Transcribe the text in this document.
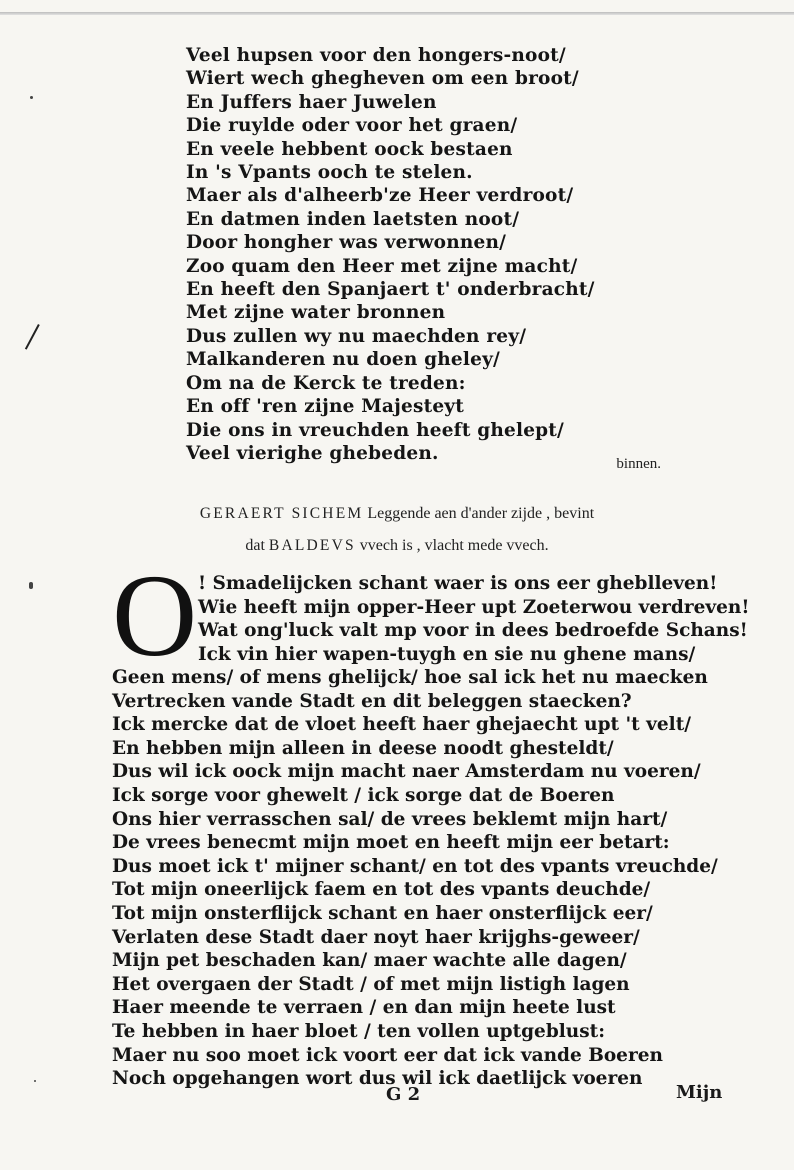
Veel hupsen voor den hongers-noot/
Wiert wech ghegheven om een broot/
En Juffers haer Juwelen
Die ruylde oder voor het graen/
En veele hebbent oock bestaen
In 's Vpants ooch te stelen.
Maer als d'alheerb'ze Heer verdroot/
En datmen inden laetsten noot/
Door hongher was verwonnen/
Zoo quam den Heer met zijne macht/
En heeft den Spanjaert t' onderbracht/
Met zijne water bronnen
Dus zullen wy nu maechden rey/
Malkanderen nu doen gheley/
Om na de Kerck te treden:
En off 'ren zijne Majesteyt
Die ons in vreuchden heeft ghelept/
Veel vierighe ghebeden.
binnen.
GERAERT SICHEM Leggende aen d'ander zijde , bevint
dat BALDEVS vvech is , vlacht mede vvech.
O ! Smadelijcken schant waer is ons eer gheblleven!
Wie heeft mijn opper-Heer upt Zoeterwou verdreven!
Wat ong'luck valt mp voor in dees bedroefde Schans!
Ick vin hier wapen-tuygh en sie nu ghene mans/
Geen mens/ of mens ghelijck/ hoe sal ick het nu maecken
Vertrecken vande Stadt en dit beleggen staecken?
Ick mercke dat de vloet heeft haer ghejaecht upt 't velt/
En hebben mijn alleen in deese noodt ghesteldt/
Dus wil ick oock mijn macht naer Amsterdam nu voeren/
Ick sorge voor ghewelt / ick sorge dat de Boeren
Ons hier verrasschen sal/ de vrees beklemt mijn hart/
De vrees benecmt mijn moet en heeft mijn eer betart:
Dus moet ick t' mijner schant/ en tot des vpants vreuchde/
Tot mijn oneerlijck faem en tot des vpants deuchde/
Tot mijn onsterflijck schant en haer onsterflijck eer/
Verlaten dese Stadt daer noyt haer krijghs-geweer/
Mijn pet beschaden kan/ maer wachte alle dagen/
Het overgaen der Stadt / of met mijn listigh lagen
Haer meende te verraen / en dan mijn heete lust
Te hebben in haer bloet / ten vollen uptgeblust:
Maer nu soo moet ick voort eer dat ick vande Boeren
Noch opgehangen wort dus wil ick daetlijck voeren
G 2	Mijn
